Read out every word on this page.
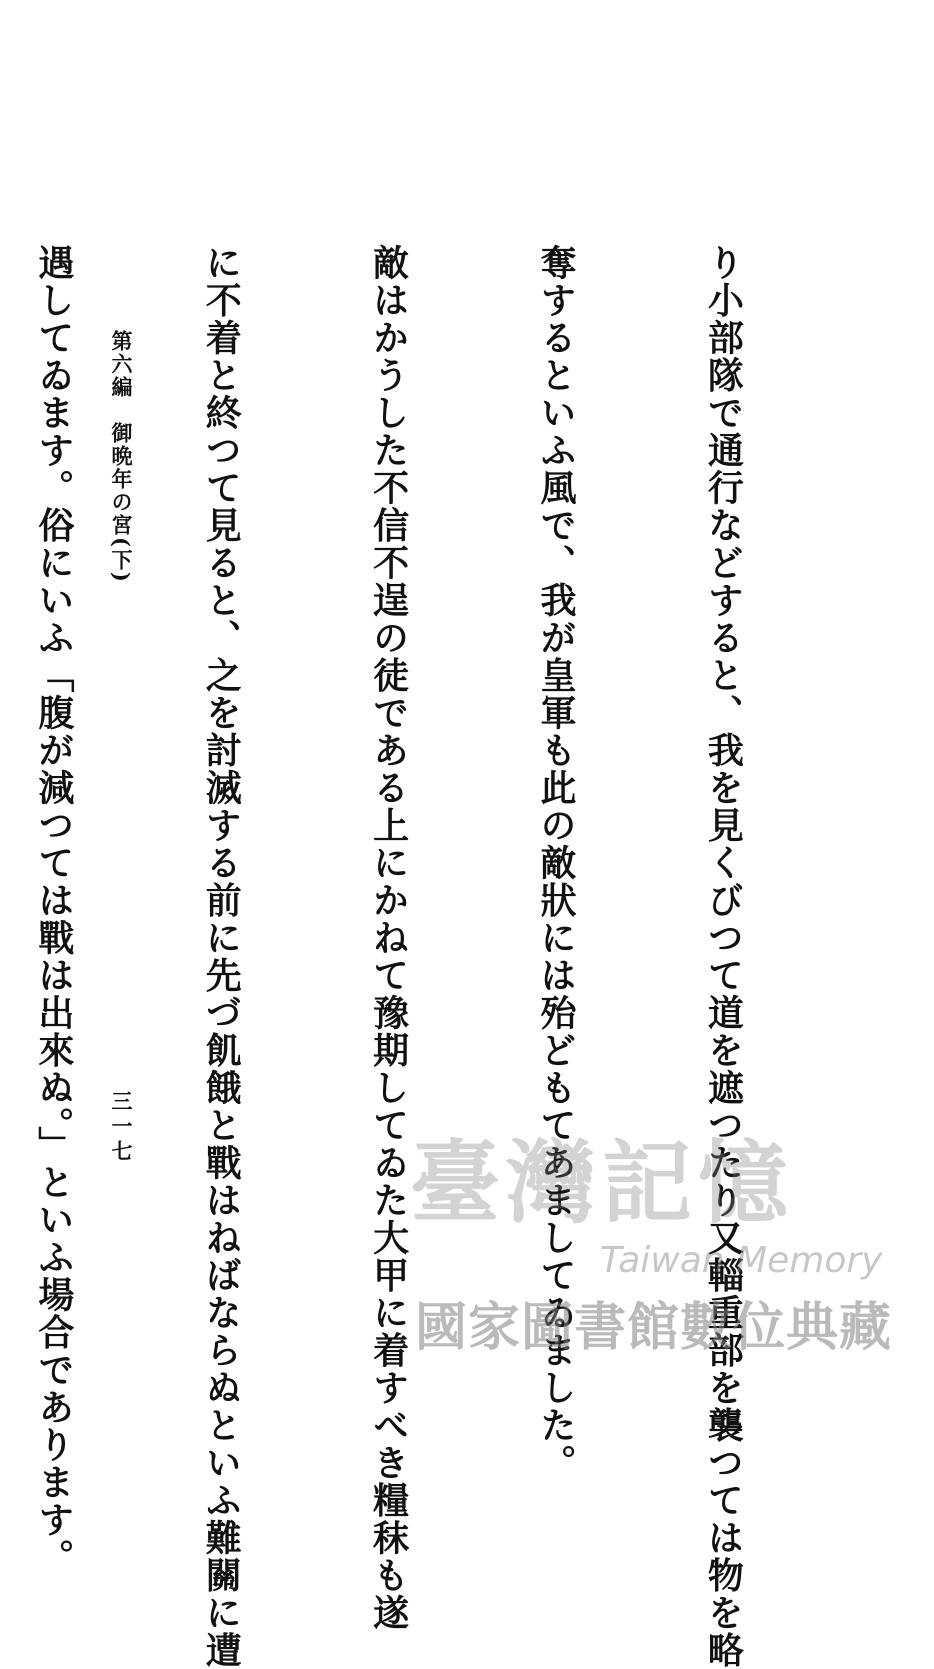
り小部隊で通行などすると、我を見くびつて道を遮つたり又輜重部を襲つては物を略

奪するといふ風で、我が皇軍も此の敵狀には殆どもてあましてゐました。

敵はかうした不信不逞の徒である上にかねて豫期してゐた大甲に着すべき糧秣も遂

に不着と終つて見ると、之を討滅する前に先づ飢餓と戰はねばならぬといふ難關に遭

遇してゐます。俗にいふ「腹が減つては戰は出來ぬ。」といふ場合であります。

第六編　御晩年の宮(下)
三一七
臺灣記憶
Taiwan Memory
國家圖書館數位典藏
